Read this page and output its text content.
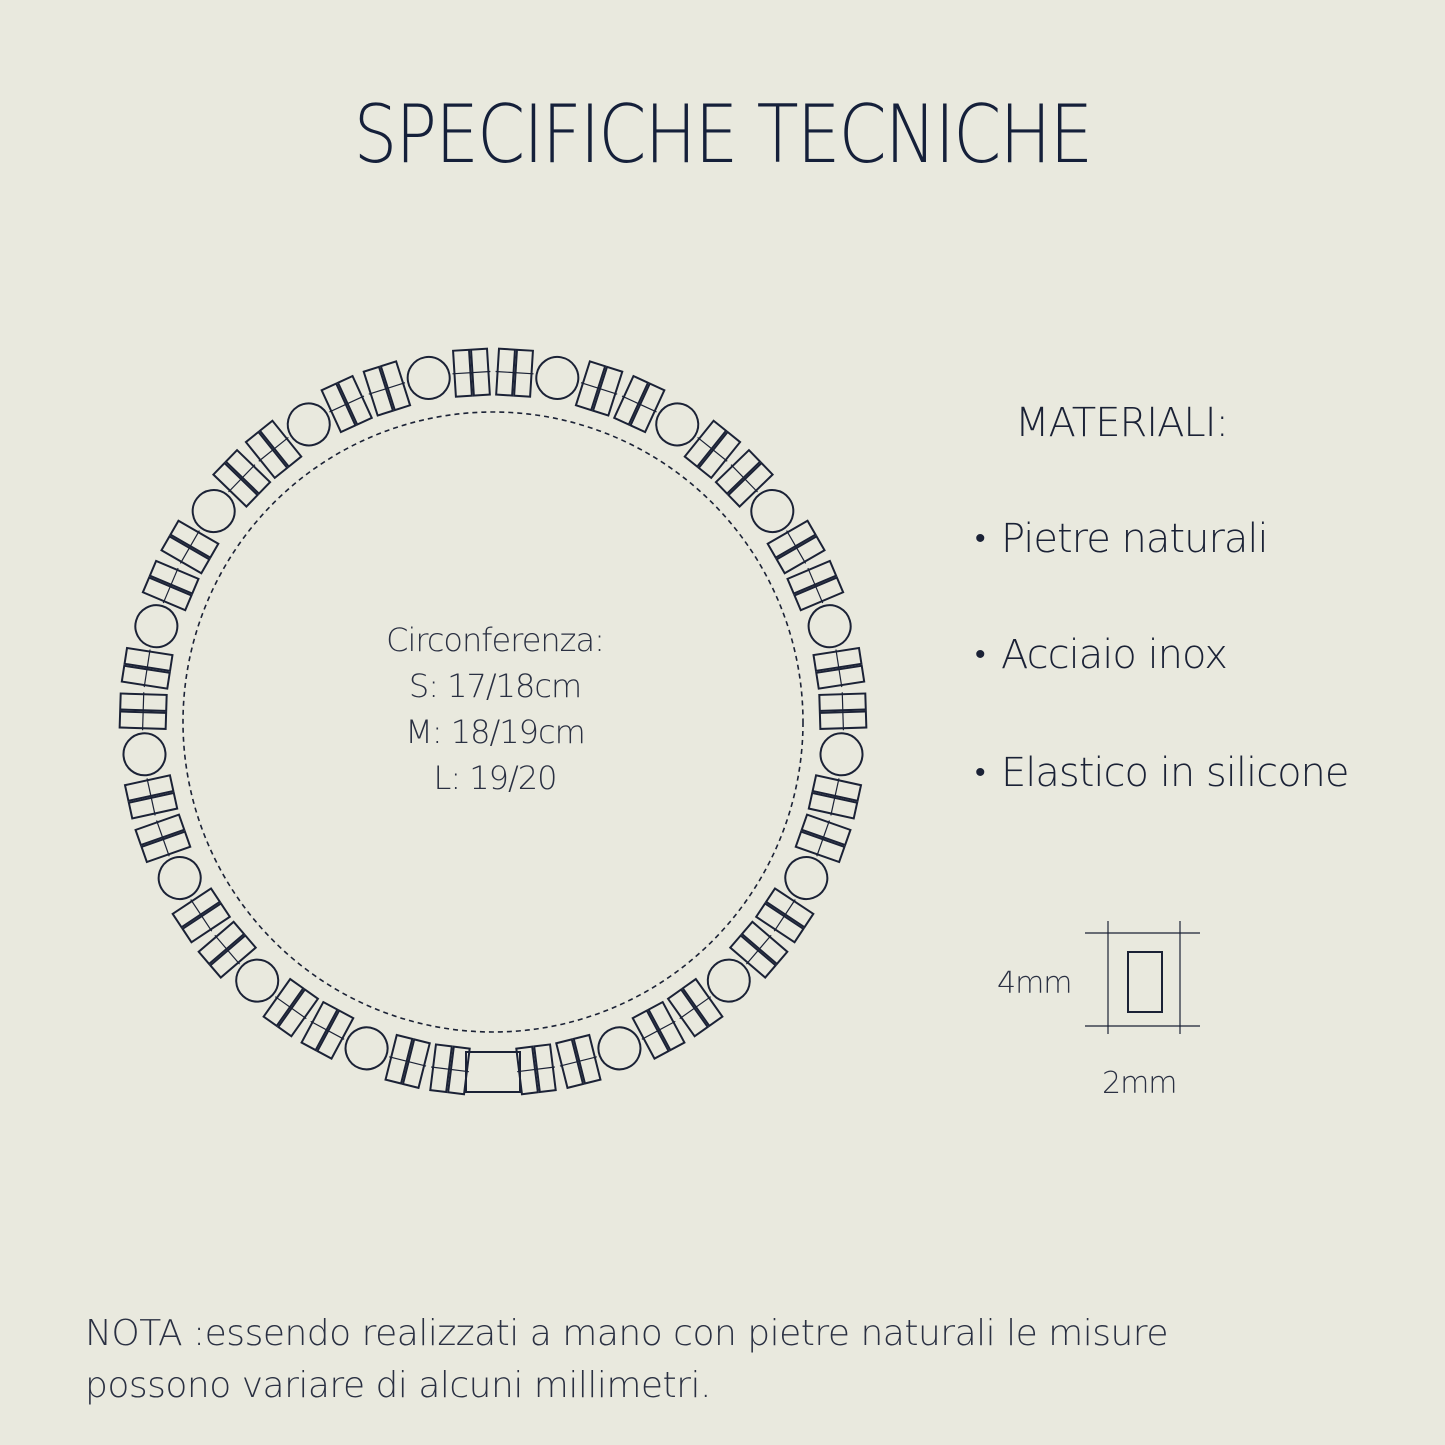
SPECIFICHE TECNICHE
Circonferenza:
S: 17/18cm
M: 18/19cm
L: 19/20
MATERIALI:
• Pietre naturali
• Acciaio inox
• Elastico in silicone
4mm
2mm
NOTA :essendo realizzati a mano con pietre naturali le misure
possono variare di alcuni millimetri.
